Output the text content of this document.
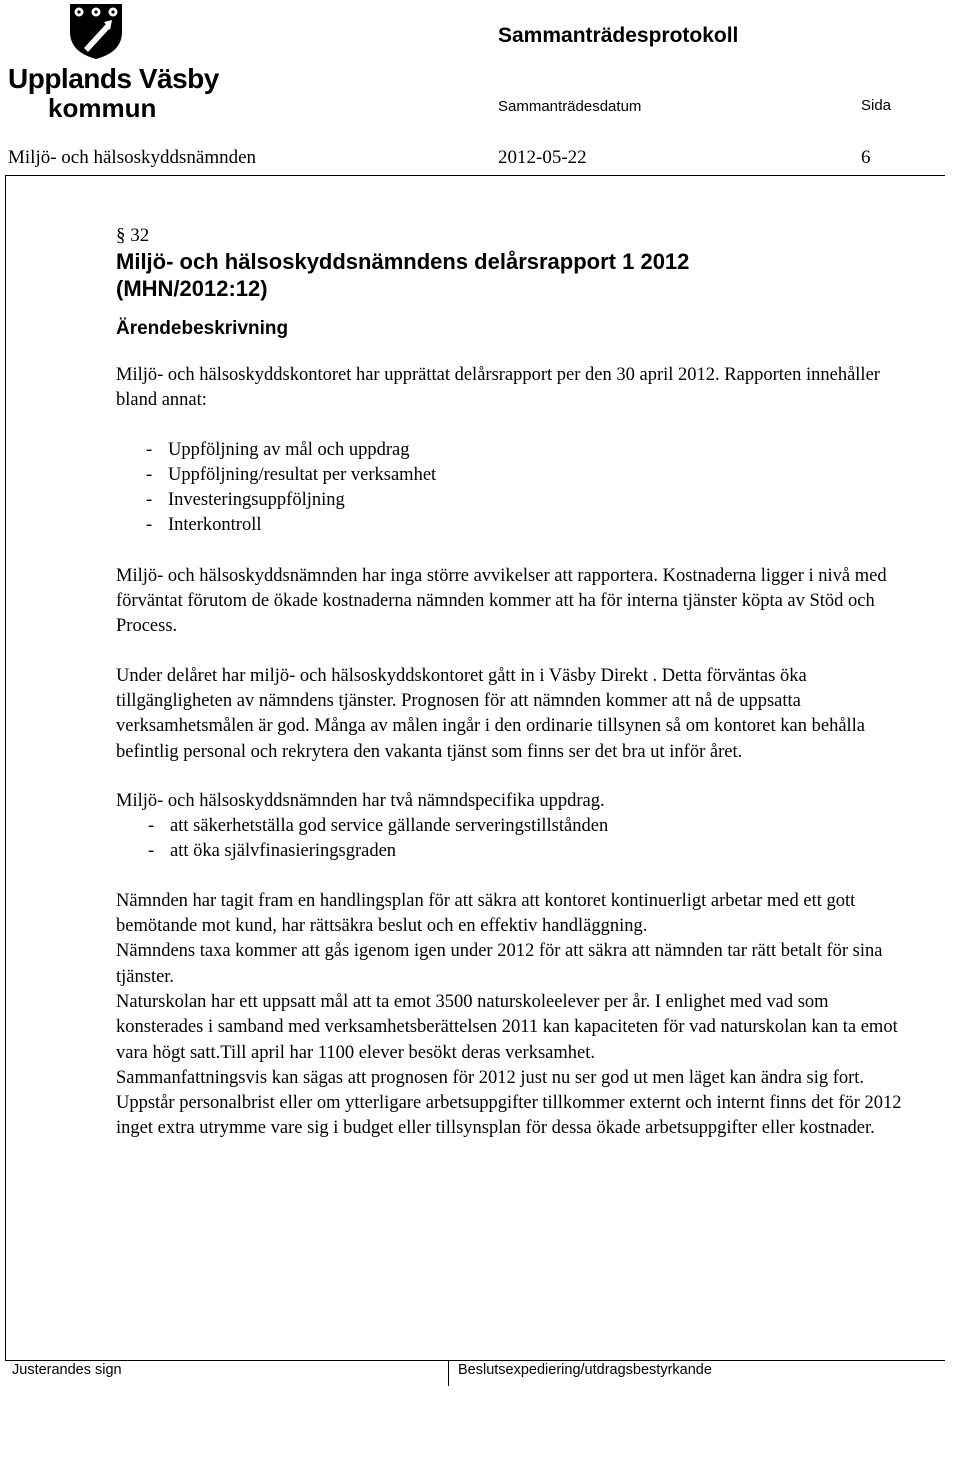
Upplands Väsby
kommun
Sammanträdesprotokoll
Sammanträdesdatum	Sida
Miljö- och hälsoskyddsnämnden	2012-05-22	6
§ 32
Miljö- och hälsoskyddsnämndens delårsrapport 1 2012
(MHN/2012:12)
Ärendebeskrivning

Miljö- och hälsoskyddskontoret har upprättat delårsrapport per den 30 april 2012. Rapporten innehåller bland annat:

- Uppföljning av mål och uppdrag
- Uppföljning/resultat per verksamhet
- Investeringsuppföljning
- Interkontroll

Miljö- och hälsoskyddsnämnden har inga större avvikelser att rapportera. Kostnaderna ligger i nivå med förväntat förutom de ökade kostnaderna nämnden kommer att ha för interna tjänster köpta av Stöd och Process.

Under delåret har miljö- och hälsoskyddskontoret gått in i Väsby Direkt . Detta förväntas öka tillgängligheten av nämndens tjänster. Prognosen för att nämnden kommer att nå de uppsatta verksamhetsmålen är god. Många av målen ingår i den ordinarie tillsynen så om kontoret kan behålla befintlig personal och rekrytera den vakanta tjänst som finns ser det bra ut inför året.

Miljö- och hälsoskyddsnämnden har två nämndspecifika uppdrag.

- att säkerhetställa god service gällande serveringstillstånden
- att öka självfinasieringsgraden

Nämnden har tagit fram en handlingsplan för att säkra att kontoret kontinuerligt arbetar med ett gott bemötande mot kund, har rättsäkra beslut och en effektiv handläggning.

Nämndens taxa kommer att gås igenom igen under 2012 för att säkra att nämnden tar rätt betalt för sina tjänster.

Naturskolan har ett uppsatt mål att ta emot 3500 naturskoleelever per år. I enlighet med vad som konsterades i samband med verksamhetsberättelsen 2011 kan kapaciteten för vad naturskolan kan ta emot vara högt satt.Till april har 1100 elever besökt deras verksamhet.

Sammanfattningsvis kan sägas att prognosen för 2012 just nu ser god ut men läget kan ändra sig fort. Uppstår personalbrist eller om ytterligare arbetsuppgifter tillkommer externt och internt finns det för 2012 inget extra utrymme vare sig i budget eller tillsynsplan för dessa ökade arbetsuppgifter eller kostnader.

Justerandes sign	Beslutsexpediering/utdragsbestyrkande
